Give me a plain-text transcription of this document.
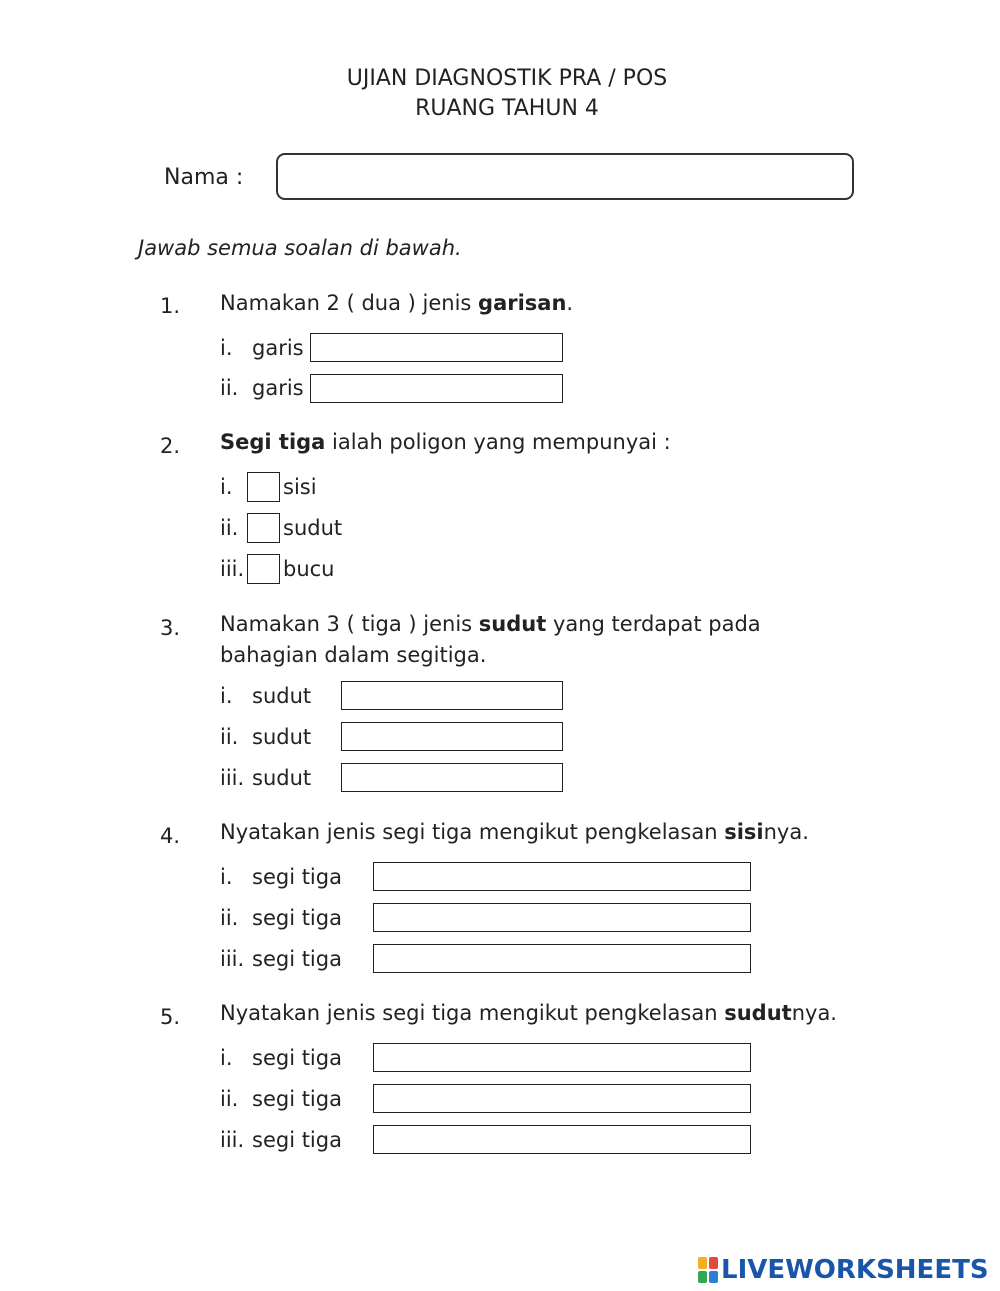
UJIAN DIAGNOSTIK PRA / POS
RUANG TAHUN 4
Nama :
Jawab semua soalan di bawah.
1. Namakan 2 ( dua ) jenis garisan.
i. garis
ii. garis
2. Segi tiga ialah poligon yang mempunyai :
i. sisi
ii. sudut
iii. bucu
3. Namakan 3 ( tiga ) jenis sudut yang terdapat pada
bahagian dalam segitiga.
i. sudut
ii. sudut
iii. sudut
4. Nyatakan jenis segi tiga mengikut pengkelasan sisinya.
i. segi tiga
ii. segi tiga
iii. segi tiga
5. Nyatakan jenis segi tiga mengikut pengkelasan sudutnya.
i. segi tiga
ii. segi tiga
iii. segi tiga
LIVEWORKSHEETS
